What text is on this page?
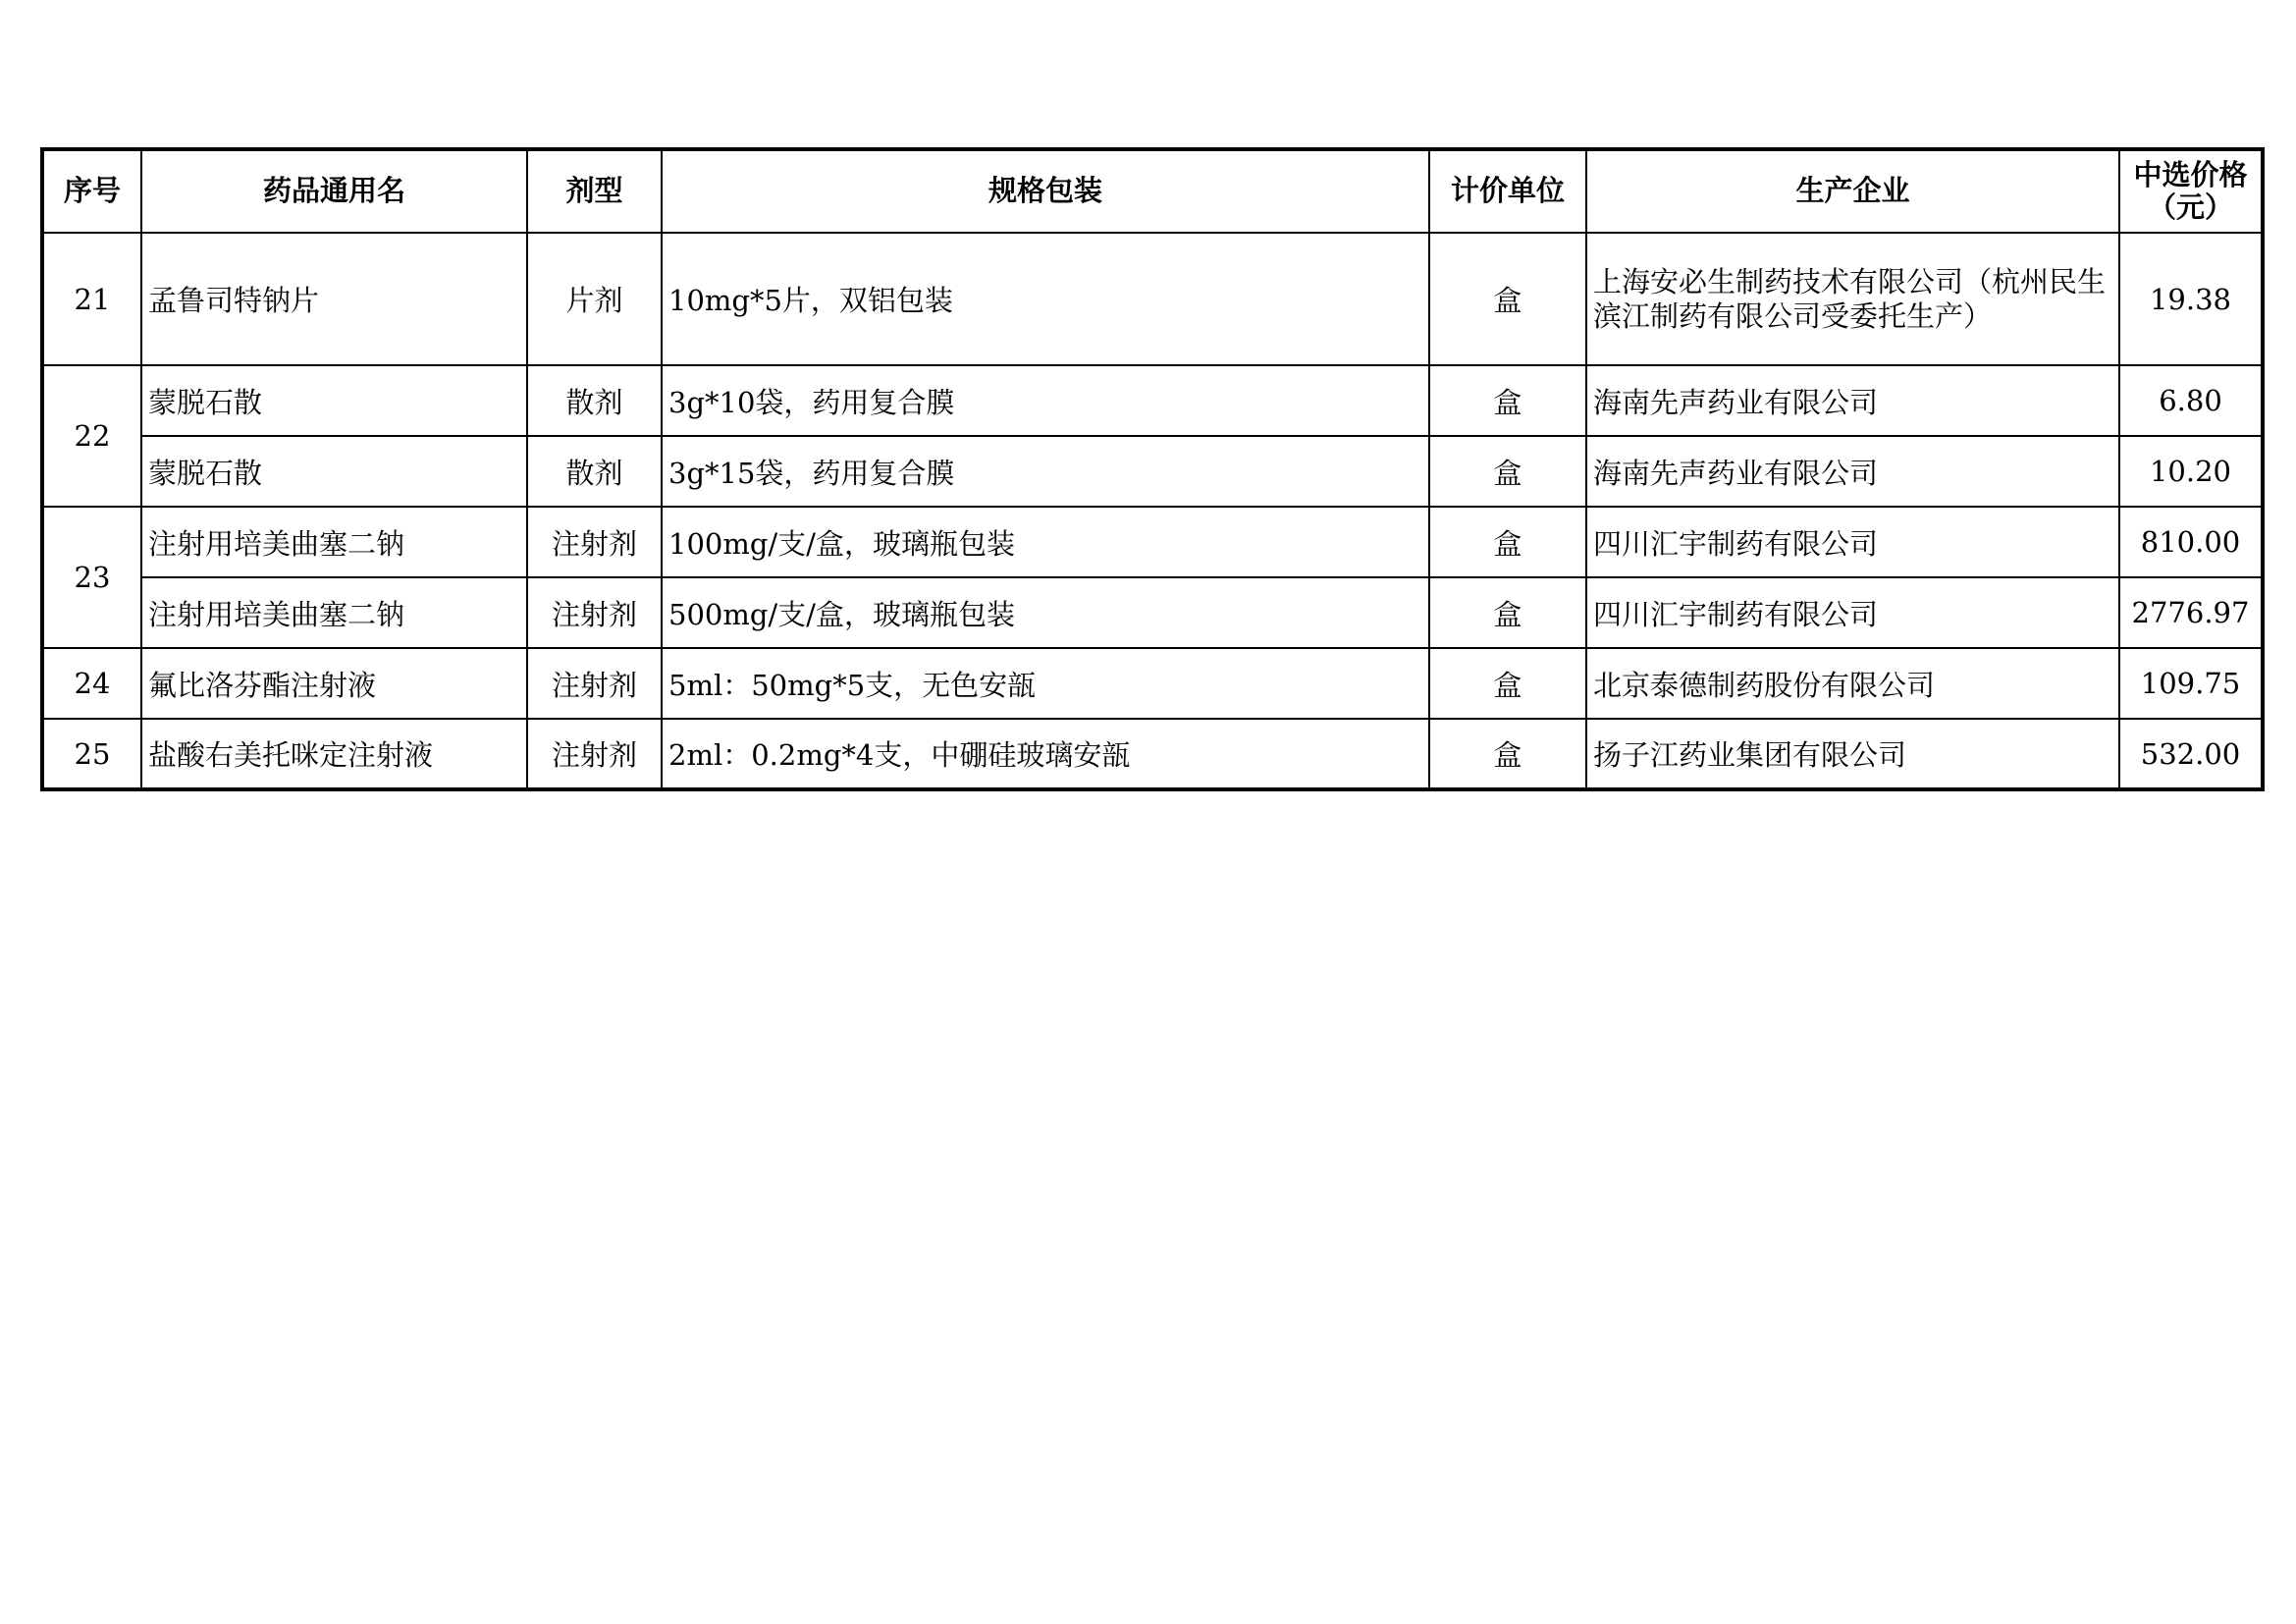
序号	药品通用名	剂型	规格包装	计价单位	生产企业	中选价格
（元）

21	孟鲁司特钠片	片剂	10mg*5片，双铝包装	盒	上海安必生制药技术有限公司（杭州民生滨江制药有限公司受委托生产）	19.38
22	蒙脱石散	散剂	3g*10袋，药用复合膜	盒	海南先声药业有限公司	6.80
	蒙脱石散	散剂	3g*15袋，药用复合膜	盒	海南先声药业有限公司	10.20
23	注射用培美曲塞二钠	注射剂	100mg/支/盒，玻璃瓶包装	盒	四川汇宇制药有限公司	810.00
	注射用培美曲塞二钠	注射剂	500mg/支/盒，玻璃瓶包装	盒	四川汇宇制药有限公司	2776.97
24	氟比洛芬酯注射液	注射剂	5ml：50mg*5支，无色安瓿	盒	北京泰德制药股份有限公司	109.75
25	盐酸右美托咪定注射液	注射剂	2ml：0.2mg*4支，中硼硅玻璃安瓿	盒	扬子江药业集团有限公司	532.00
